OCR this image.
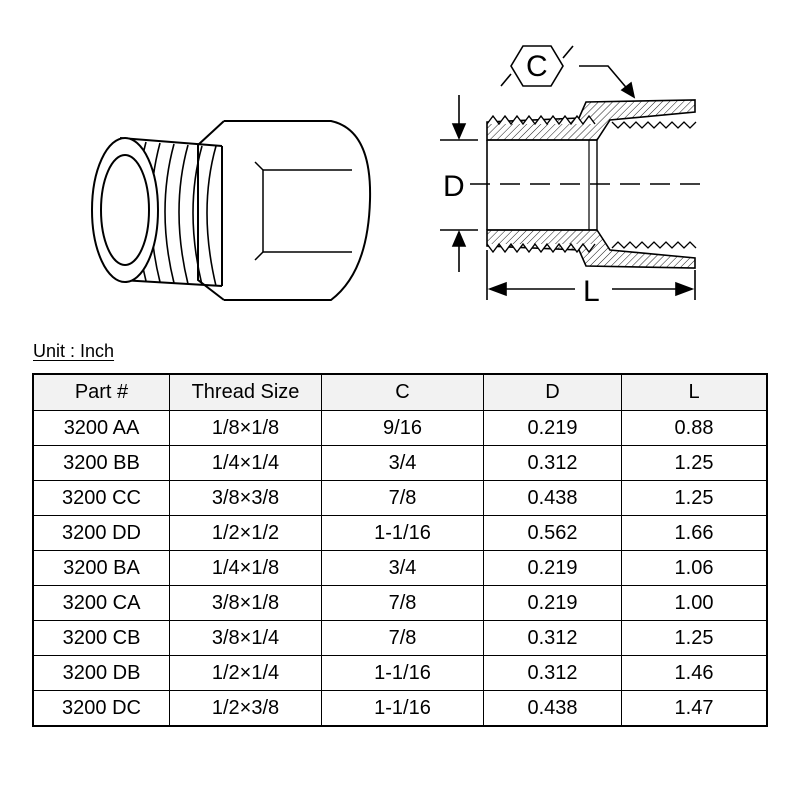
D
L
C
Unit : Inch
Part #	Thread Size	C	D	L
3200 AA	1/8×1/8	9/16	0.219	0.88
3200 BB	1/4×1/4	3/4	0.312	1.25
3200 CC	3/8×3/8	7/8	0.438	1.25
3200 DD	1/2×1/2	1-1/16	0.562	1.66
3200 BA	1/4×1/8	3/4	0.219	1.06
3200 CA	3/8×1/8	7/8	0.219	1.00
3200 CB	3/8×1/4	7/8	0.312	1.25
3200 DB	1/2×1/4	1-1/16	0.312	1.46
3200 DC	1/2×3/8	1-1/16	0.438	1.47
